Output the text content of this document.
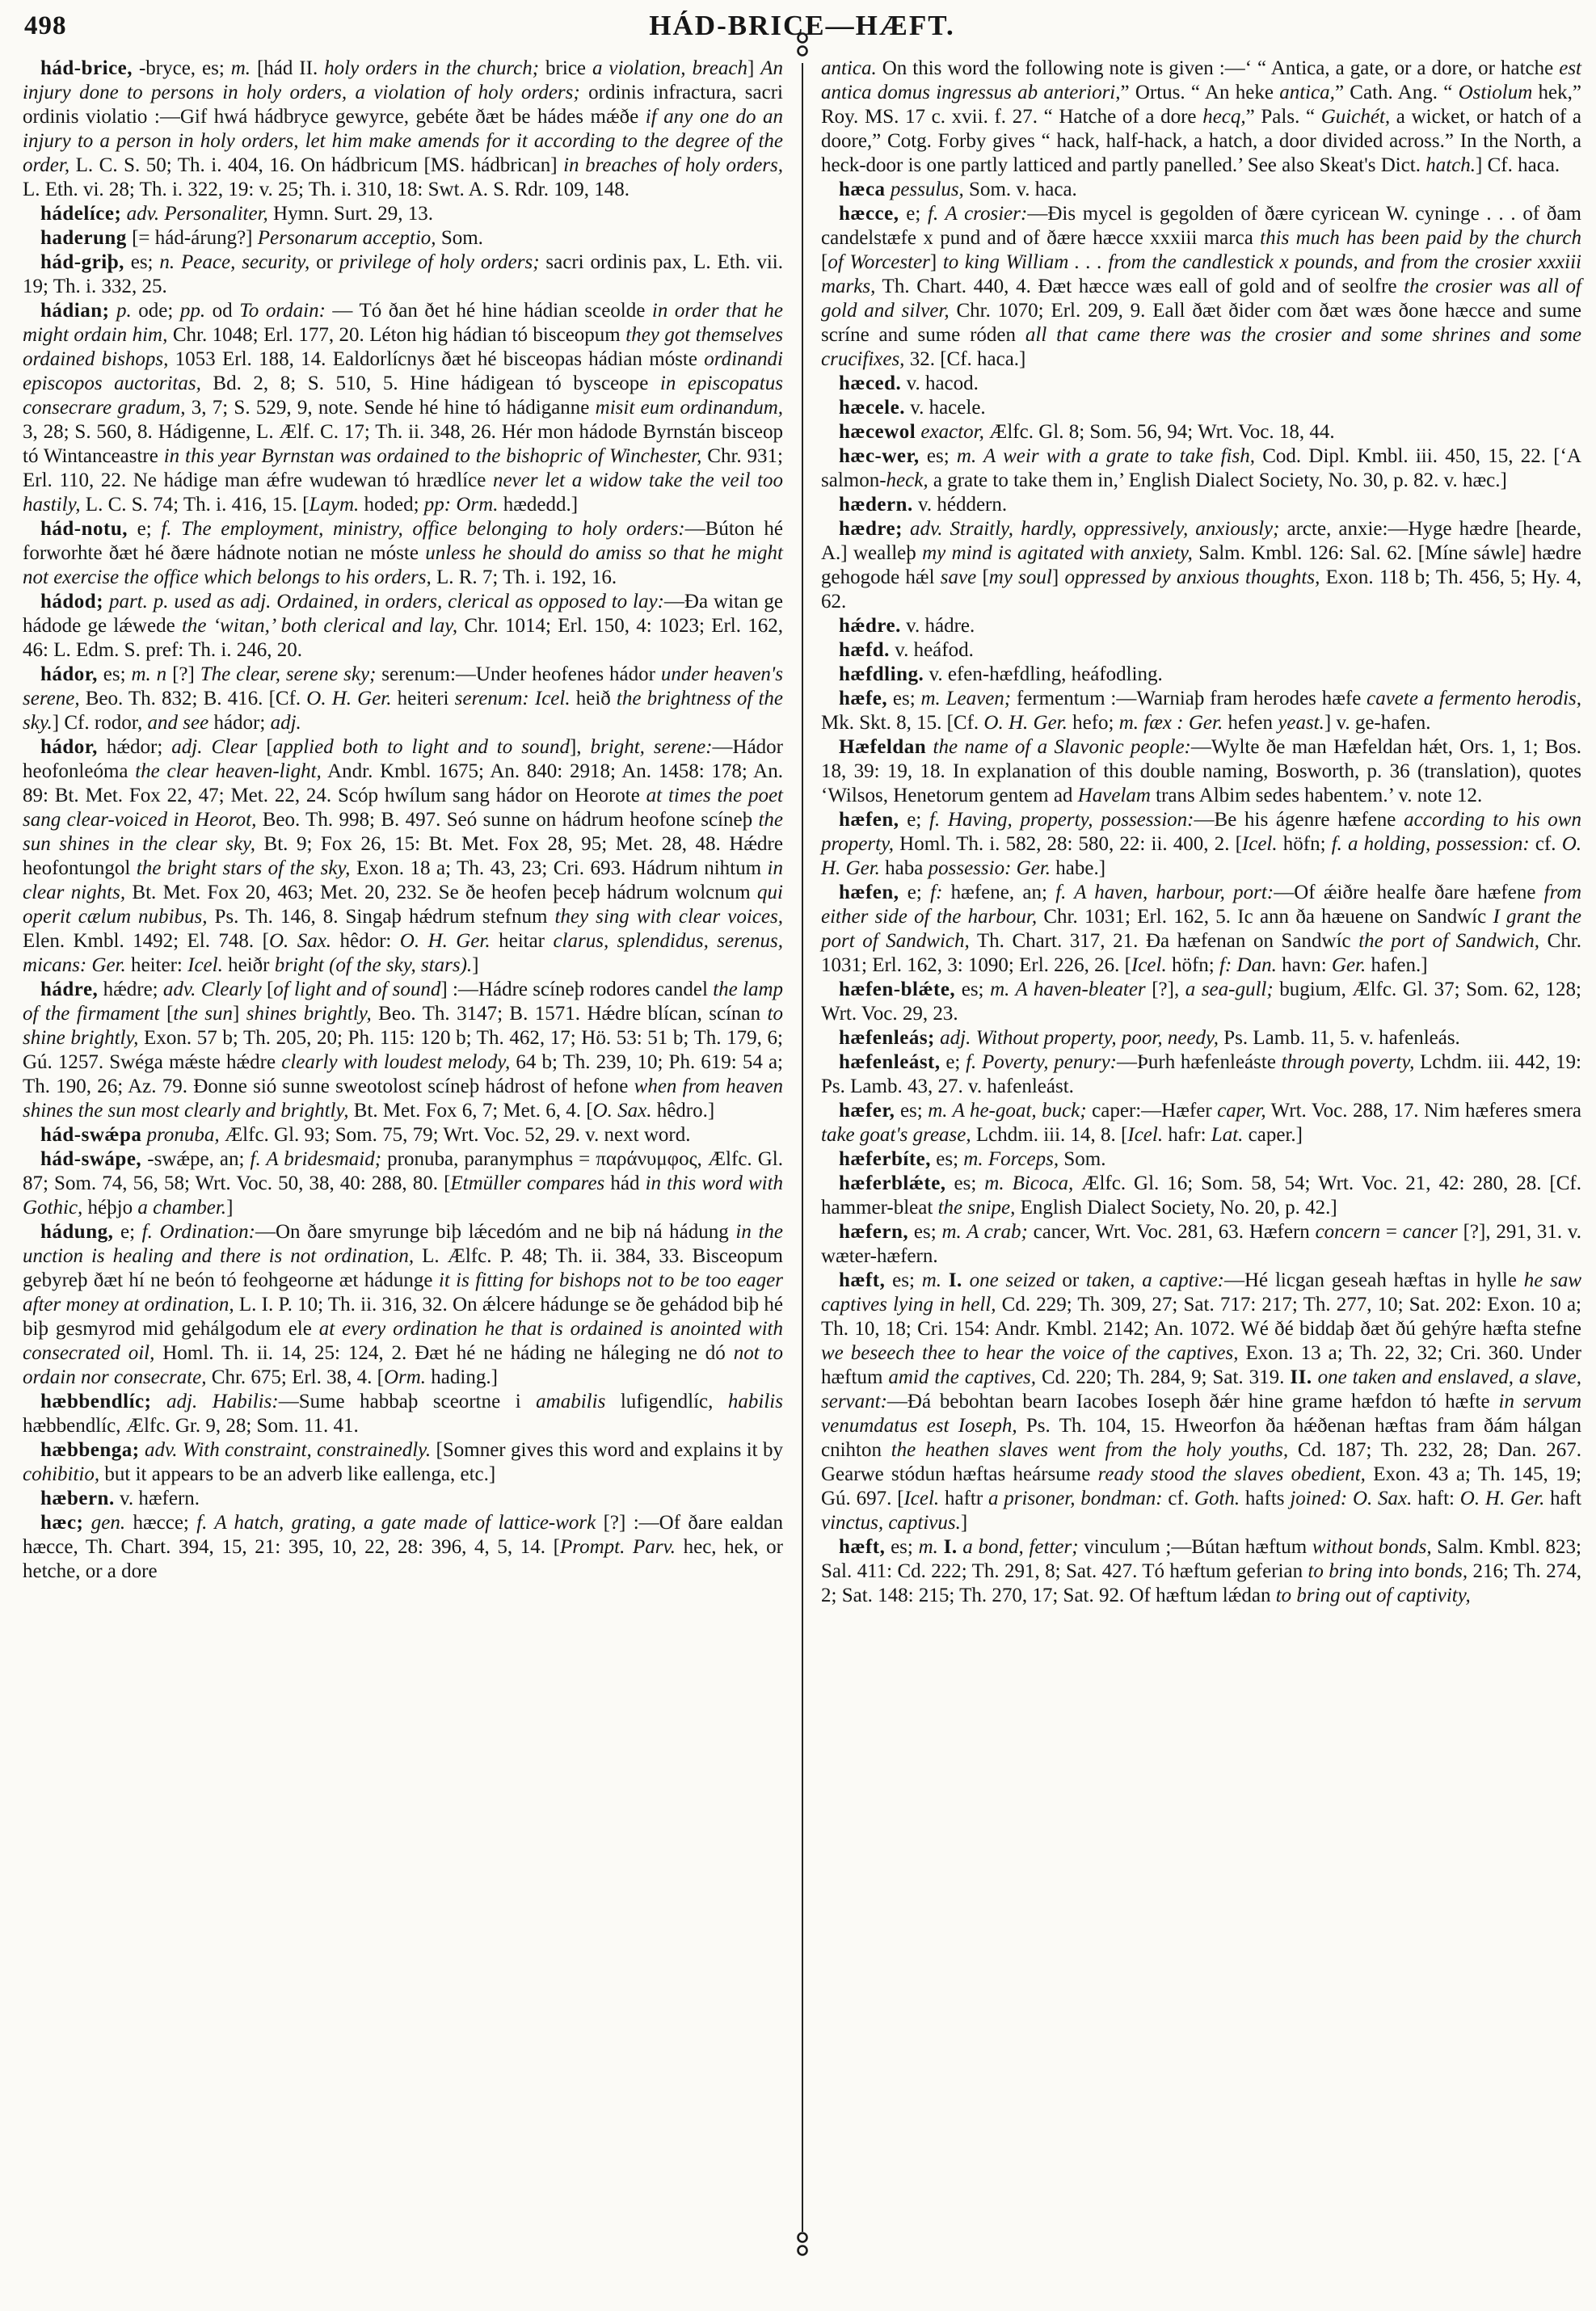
498	HÁD-BRICE—HÆFT.

hád-brice, -bryce, es; m. [hád II. holy orders in the church; brice a violation, breach] An injury done to persons in holy orders, a violation of holy orders; ordinis infractura, sacri ordinis violatio :—Gif hwá hádbryce gewyrce, gebéte ðæt be hádes mǽðe if any one do an injury to a person in holy orders, let him make amends for it according to the degree of the order, L. C. S. 50; Th. i. 404, 16. On hádbricum [MS. hádbrican] in breaches of holy orders, L. Eth. vi. 28; Th. i. 322, 19: v. 25; Th. i. 310, 18: Swt. A. S. Rdr. 109, 148.

hádelíce; adv. Personaliter, Hymn. Surt. 29, 13.

haderung [= hád-árung?] Personarum acceptio, Som.

hád-griþ, es; n. Peace, security, or privilege of holy orders; sacri ordinis pax, L. Eth. vii. 19; Th. i. 332, 25.

hádian; p. ode; pp. od To ordain: — Tó ðan ðet hé hine hádian sceolde in order that he might ordain him, Chr. 1048; Erl. 177, 20. Léton hig hádian tó bisceopum they got themselves ordained bishops, 1053 Erl. 188, 14. Ealdorlícnys ðæt hé bisceopas hádian móste ordinandi episcopos auctoritas, Bd. 2, 8; S. 510, 5. Hine hádigean tó bysceope in episcopatus consecrare gradum, 3, 7; S. 529, 9, note. Sende hé hine tó hádiganne misit eum ordinandum, 3, 28; S. 560, 8. Hádigenne, L. Ælf. C. 17; Th. ii. 348, 26. Hér mon hádode Byrnstán bisceop tó Wintanceastre in this year Byrnstan was ordained to the bishopric of Winchester, Chr. 931; Erl. 110, 22. Ne hádige man ǽfre wudewan tó hrædlíce never let a widow take the veil too hastily, L. C. S. 74; Th. i. 416, 15. [Laym. hoded; pp: Orm. hædedd.]

hád-notu, e; f. The employment, ministry, office belonging to holy orders:—Búton hé forworhte ðæt hé ðære hádnote notian ne móste unless he should do amiss so that he might not exercise the office which belongs to his orders, L. R. 7; Th. i. 192, 16.

hádod; part. p. used as adj. Ordained, in orders, clerical as opposed to lay:—Ða witan ge hádode ge lǽwede the ‘witan,’ both clerical and lay, Chr. 1014; Erl. 150, 4: 1023; Erl. 162, 46: L. Edm. S. pref: Th. i. 246, 20.

hádor, es; m. n [?] The clear, serene sky; serenum:—Under heofenes hádor under heaven's serene, Beo. Th. 832; B. 416. [Cf. O. H. Ger. heiteri serenum: Icel. heið the brightness of the sky.] Cf. rodor, and see hádor; adj.

hádor, hǽdor; adj. Clear [applied both to light and to sound], bright, serene:—Hádor heofonleóma the clear heaven-light, Andr. Kmbl. 1675; An. 840: 2918; An. 1458: 178; An. 89: Bt. Met. Fox 22, 47; Met. 22, 24. Scóp hwílum sang hádor on Heorote at times the poet sang clear-voiced in Heorot, Beo. Th. 998; B. 497. Seó sunne on hádrum heofone scíneþ the sun shines in the clear sky, Bt. 9; Fox 26, 15: Bt. Met. Fox 28, 95; Met. 28, 48. Hǽdre heofontungol the bright stars of the sky, Exon. 18 a; Th. 43, 23; Cri. 693. Hádrum nihtum in clear nights, Bt. Met. Fox 20, 463; Met. 20, 232. Se ðe heofen þeceþ hádrum wolcnum qui operit cælum nubibus, Ps. Th. 146, 8. Singaþ hǽdrum stefnum they sing with clear voices, Elen. Kmbl. 1492; El. 748. [O. Sax. hêdor: O. H. Ger. heitar clarus, splendidus, serenus, micans: Ger. heiter: Icel. heiðr bright (of the sky, stars).]

hádre, hǽdre; adv. Clearly [of light and of sound] :—Hádre scíneþ rodores candel the lamp of the firmament [the sun] shines brightly, Beo. Th. 3147; B. 1571. Hǽdre blícan, scínan to shine brightly, Exon. 57 b; Th. 205, 20; Ph. 115: 120 b; Th. 462, 17; Hö. 53: 51 b; Th. 179, 6; Gú. 1257. Swéga mǽste hǽdre clearly with loudest melody, 64 b; Th. 239, 10; Ph. 619: 54 a; Th. 190, 26; Az. 79. Ðonne sió sunne sweotolost scíneþ hádrost of hefone when from heaven shines the sun most clearly and brightly, Bt. Met. Fox 6, 7; Met. 6, 4. [O. Sax. hêdro.]

hád-swǽpa pronuba, Ælfc. Gl. 93; Som. 75, 79; Wrt. Voc. 52, 29. v. next word.

hád-swápe, -swǽpe, an; f. A bridesmaid; pronuba, paranymphus = παράνυμφος, Ælfc. Gl. 87; Som. 74, 56, 58; Wrt. Voc. 50, 38, 40: 288, 80. [Etmüller compares hád in this word with Gothic, héþjo a chamber.]

hádung, e; f. Ordination:—On ðare smyrunge biþ lǽcedóm and ne biþ ná hádung in the unction is healing and there is not ordination, L. Ælfc. P. 48; Th. ii. 384, 33. Bisceopum gebyreþ ðæt hí ne beón tó feohgeorne æt hádunge it is fitting for bishops not to be too eager after money at ordination, L. I. P. 10; Th. ii. 316, 32. On ǽlcere hádunge se ðe gehádod biþ hé biþ gesmyrod mid gehálgodum ele at every ordination he that is ordained is anointed with consecrated oil, Homl. Th. ii. 14, 25: 124, 2. Ðæt hé ne háding ne háleging ne dó not to ordain nor consecrate, Chr. 675; Erl. 38, 4. [Orm. hading.]

hæbbendlíc; adj. Habilis:—Sume habbaþ sceortne i amabilis lufigendlíc, habilis hæbbendlíc, Ælfc. Gr. 9, 28; Som. 11. 41.

hæbbenga; adv. With constraint, constrainedly. [Somner gives this word and explains it by cohibitio, but it appears to be an adverb like eallenga, etc.]

hæbern. v. hæfern.

hæc; gen. hæcce; f. A hatch, grating, a gate made of lattice-work [?] :—Of ðare ealdan hæcce, Th. Chart. 394, 15, 21: 395, 10, 22, 28: 396, 4, 5, 14. [Prompt. Parv. hec, hek, or hetche, or a dore

antica. On this word the following note is given :—‘ “ Antica, a gate, or a dore, or hatche est antica domus ingressus ab anteriori,” Ortus. “ An heke antica,” Cath. Ang. “ Ostiolum hek,” Roy. MS. 17 c. xvii. f. 27. “ Hatche of a dore hecq,” Pals. “ Guichét, a wicket, or hatch of a doore,” Cotg. Forby gives “ hack, half-hack, a hatch, a door divided across.” In the North, a heck-door is one partly latticed and partly panelled.’ See also Skeat's Dict. hatch.] Cf. haca.

hæca pessulus, Som. v. haca.

hæcce, e; f. A crosier:—Ðis mycel is gegolden of ðære cyricean W. cyninge . . . of ðam candelstæfe x pund and of ðære hæcce xxxiii marca this much has been paid by the church [of Worcester] to king William . . . from the candlestick x pounds, and from the crosier xxxiii marks, Th. Chart. 440, 4. Ðæt hæcce wæs eall of gold and of seolfre the crosier was all of gold and silver, Chr. 1070; Erl. 209, 9. Eall ðæt ðider com ðæt wæs ðone hæcce and sume scríne and sume róden all that came there was the crosier and some shrines and some crucifixes, 32. [Cf. haca.]

hæced. v. hacod.

hæcele. v. hacele.

hæcewol exactor, Ælfc. Gl. 8; Som. 56, 94; Wrt. Voc. 18, 44.

hæc-wer, es; m. A weir with a grate to take fish, Cod. Dipl. Kmbl. iii. 450, 15, 22. [‘A salmon-heck, a grate to take them in,’ English Dialect Society, No. 30, p. 82. v. hæc.]

hædern. v. héddern.

hædre; adv. Straitly, hardly, oppressively, anxiously; arcte, anxie:—Hyge hædre [hearde, A.] wealleþ my mind is agitated with anxiety, Salm. Kmbl. 126: Sal. 62. [Míne sáwle] hædre gehogode hǽl save [my soul] oppressed by anxious thoughts, Exon. 118 b; Th. 456, 5; Hy. 4, 62.

hǽdre. v. hádre.

hæfd. v. heáfod.

hæfdling. v. efen-hæfdling, heáfodling.

hæfe, es; m. Leaven; fermentum :—Warniaþ fram herodes hæfe cavete a fermento herodis, Mk. Skt. 8, 15. [Cf. O. H. Ger. hefo; m. fæx : Ger. hefen yeast.] v. ge-hafen.

Hæfeldan the name of a Slavonic people:—Wylte ðe man Hæfeldan hǽt, Ors. 1, 1; Bos. 18, 39: 19, 18. In explanation of this double naming, Bosworth, p. 36 (translation), quotes ‘Wilsos, Henetorum gentem ad Havelam trans Albim sedes habentem.’ v. note 12.

hæfen, e; f. Having, property, possession:—Be his ágenre hæfene according to his own property, Homl. Th. i. 582, 28: 580, 22: ii. 400, 2. [Icel. höfn; f. a holding, possession: cf. O. H. Ger. haba possessio: Ger. habe.]

hæfen, e; f: hæfene, an; f. A haven, harbour, port:—Of ǽiðre healfe ðare hæfene from either side of the harbour, Chr. 1031; Erl. 162, 5. Ic ann ða hæuene on Sandwíc I grant the port of Sandwich, Th. Chart. 317, 21. Ða hæfenan on Sandwíc the port of Sandwich, Chr. 1031; Erl. 162, 3: 1090; Erl. 226, 26. [Icel. höfn; f: Dan. havn: Ger. hafen.]

hæfen-blǽte, es; m. A haven-bleater [?], a sea-gull; bugium, Ælfc. Gl. 37; Som. 62, 128; Wrt. Voc. 29, 23.

hæfenleás; adj. Without property, poor, needy, Ps. Lamb. 11, 5. v. hafenleás.

hæfenleást, e; f. Poverty, penury:—Þurh hæfenleáste through poverty, Lchdm. iii. 442, 19: Ps. Lamb. 43, 27. v. hafenleást.

hæfer, es; m. A he-goat, buck; caper:—Hæfer caper, Wrt. Voc. 288, 17. Nim hæferes smera take goat's grease, Lchdm. iii. 14, 8. [Icel. hafr: Lat. caper.]

hæferbíte, es; m. Forceps, Som.

hæferblǽte, es; m. Bicoca, Ælfc. Gl. 16; Som. 58, 54; Wrt. Voc. 21, 42: 280, 28. [Cf. hammer-bleat the snipe, English Dialect Society, No. 20, p. 42.]

hæfern, es; m. A crab; cancer, Wrt. Voc. 281, 63. Hæfern concern = cancer [?], 291, 31. v. wæter-hæfern.

hæft, es; m. I. one seized or taken, a captive:—Hé licgan geseah hæftas in hylle he saw captives lying in hell, Cd. 229; Th. 309, 27; Sat. 717: 217; Th. 277, 10; Sat. 202: Exon. 10 a; Th. 10, 18; Cri. 154: Andr. Kmbl. 2142; An. 1072. Wé ðé biddaþ ðæt ðú gehýre hæfta stefne we beseech thee to hear the voice of the captives, Exon. 13 a; Th. 22, 32; Cri. 360. Under hæftum amid the captives, Cd. 220; Th. 284, 9; Sat. 319. II. one taken and enslaved, a slave, servant:—Ðá bebohtan bearn Iacobes Ioseph ðǽr hine grame hæfdon tó hæfte in servum venumdatus est Ioseph, Ps. Th. 104, 15. Hweorfon ða hǽðenan hæftas fram ðám hálgan cnihton the heathen slaves went from the holy youths, Cd. 187; Th. 232, 28; Dan. 267. Gearwe stódun hæftas heársume ready stood the slaves obedient, Exon. 43 a; Th. 145, 19; Gú. 697. [Icel. haftr a prisoner, bondman: cf. Goth. hafts joined: O. Sax. haft: O. H. Ger. haft vinctus, captivus.]

hæft, es; m. I. a bond, fetter; vinculum ;—Bútan hæftum without bonds, Salm. Kmbl. 823; Sal. 411: Cd. 222; Th. 291, 8; Sat. 427. Tó hæftum geferian to bring into bonds, 216; Th. 274, 2; Sat. 148: 215; Th. 270, 17; Sat. 92. Of hæftum lǽdan to bring out of captivity,
